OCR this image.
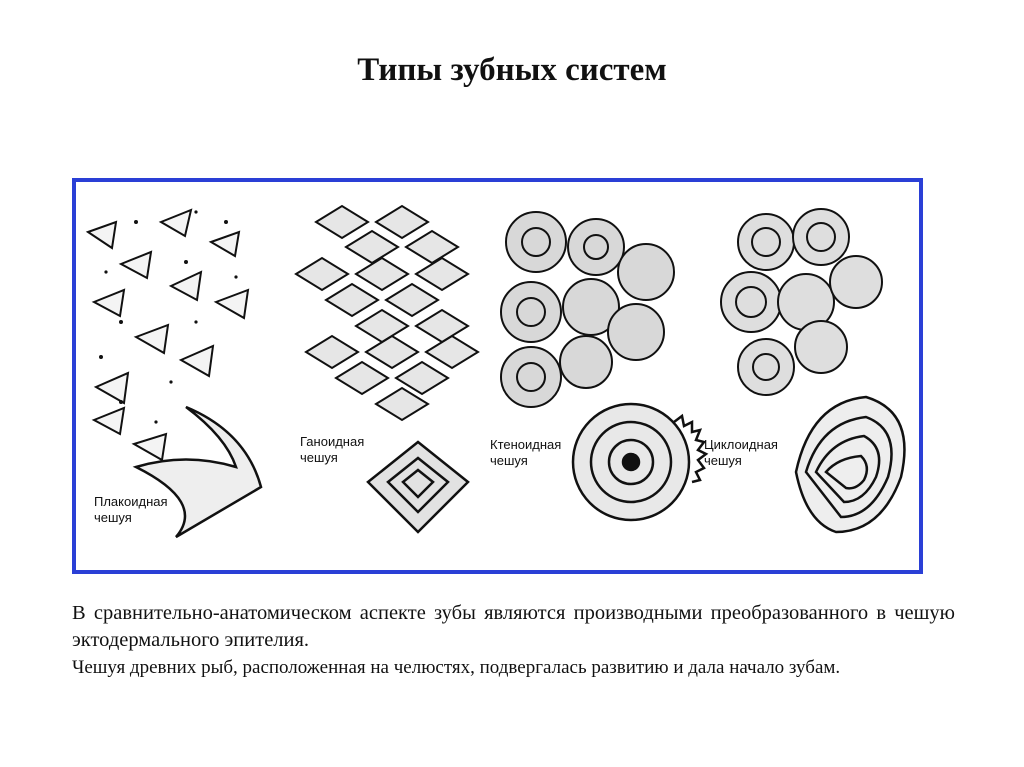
Типы зубных систем
Плакоидная
чешуя
Ганоидная
чешуя
Ктеноидная
чешуя
Циклоидная
чешуя
В сравнительно-анатомическом аспекте зубы являются производными преобразованного в чешую эктодермального эпителия.
Чешуя древних рыб, расположенная на челюстях, подвергалась развитию и дала начало зубам.
